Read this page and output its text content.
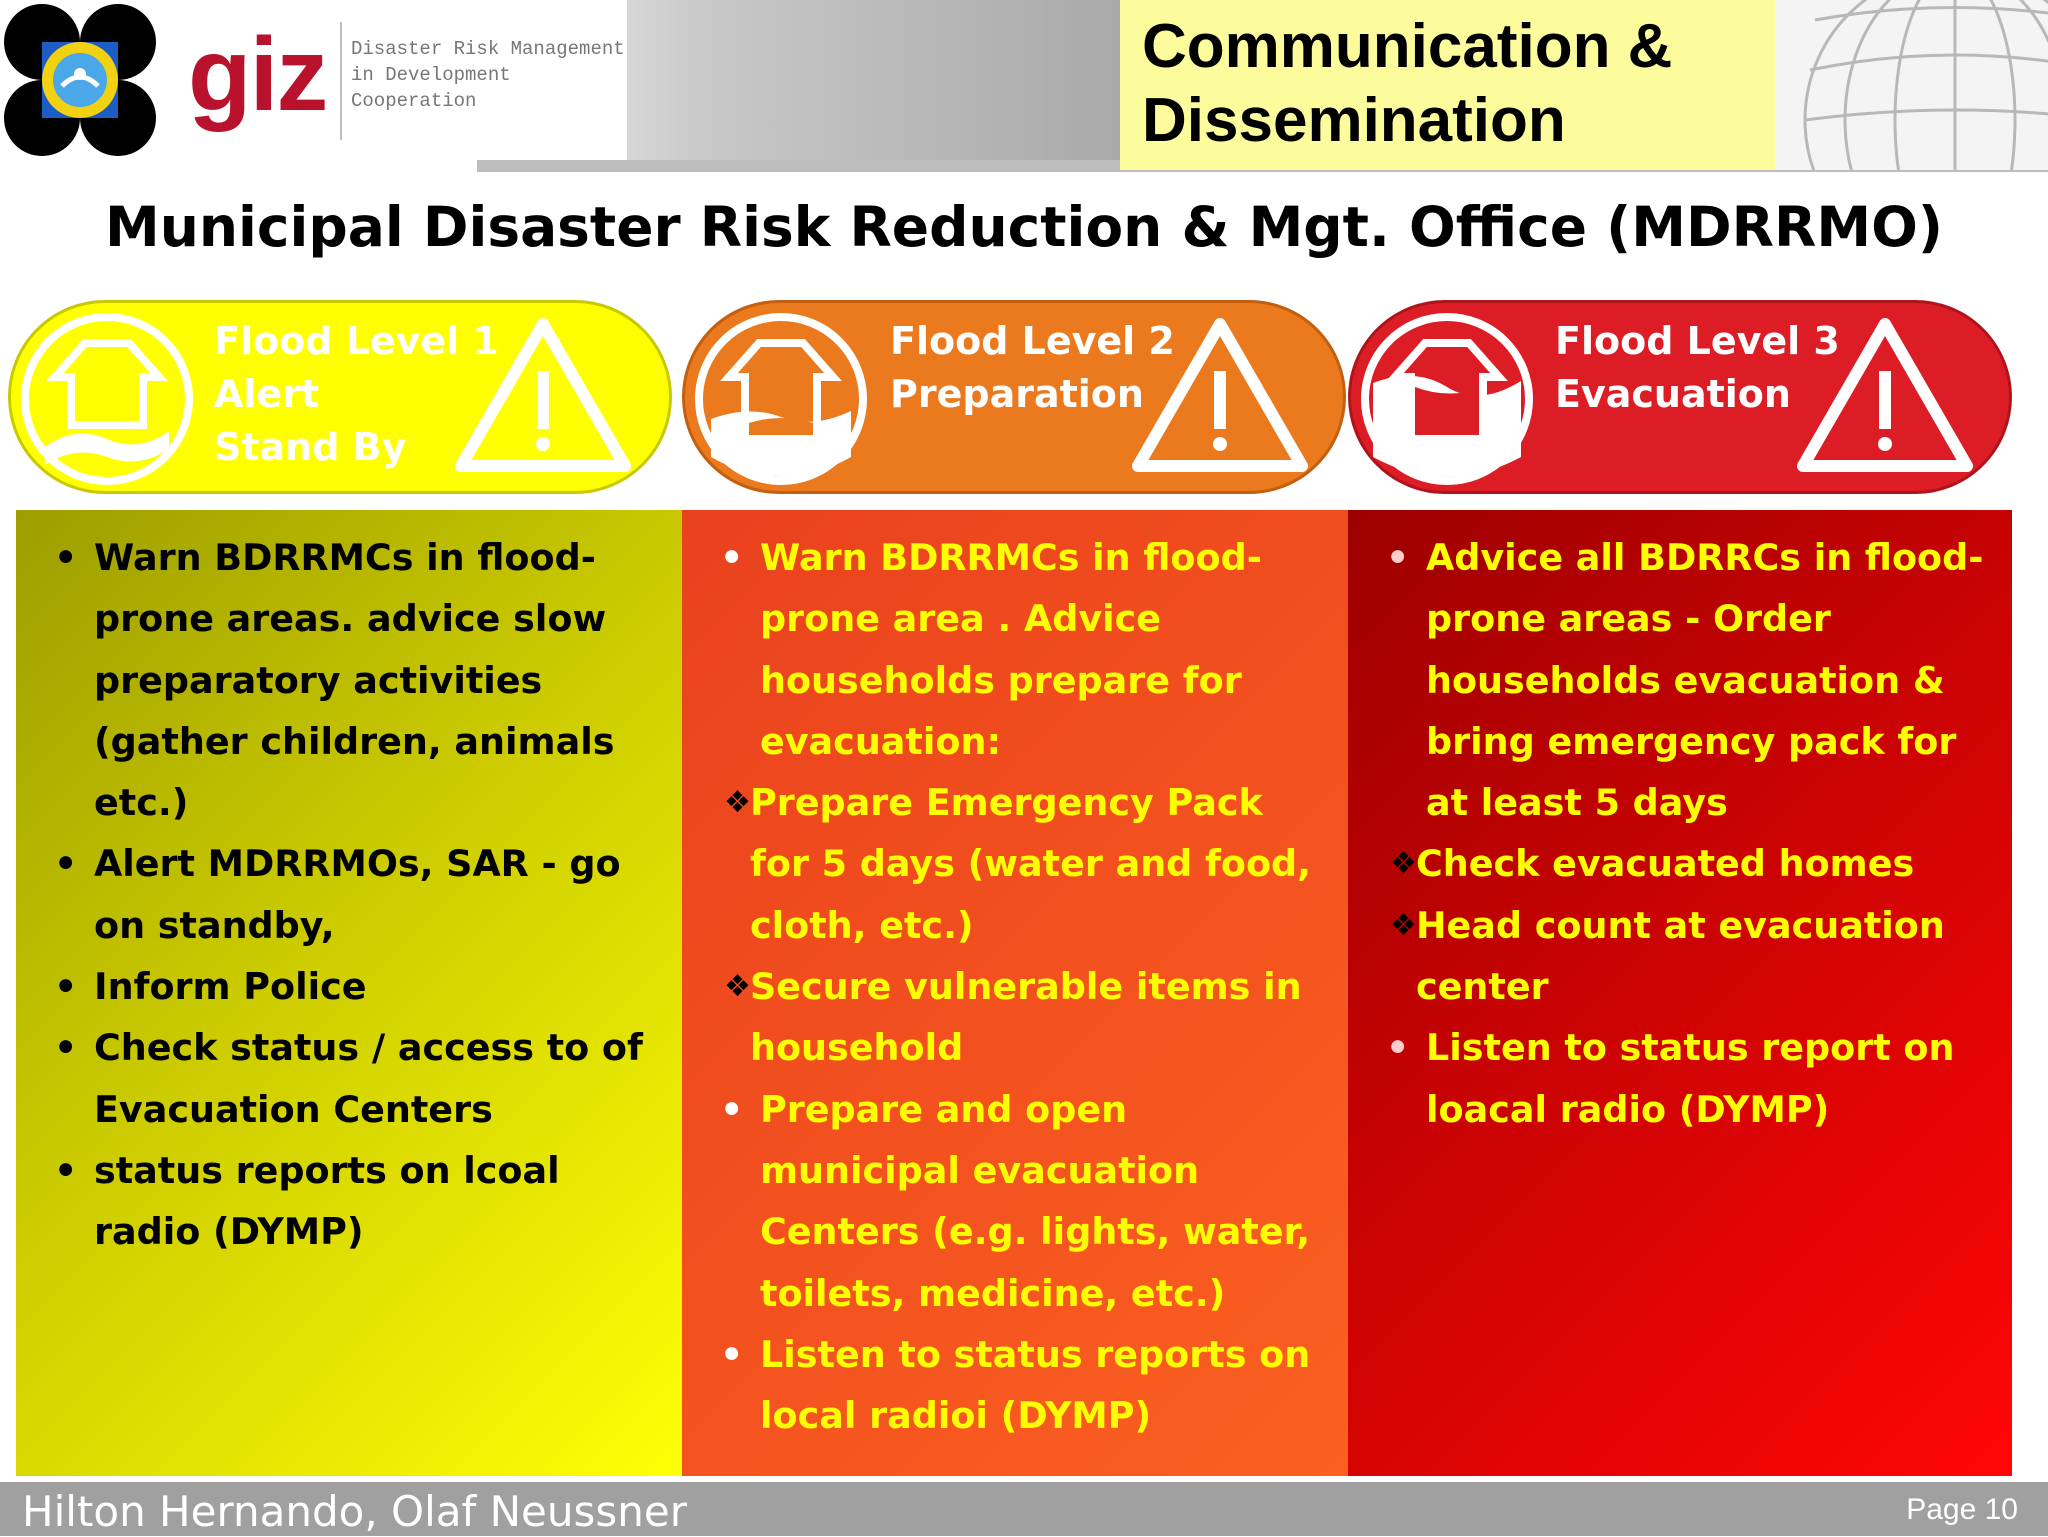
giz Disaster Risk Management
in Development Cooperation
Communication & Dissemination
Municipal Disaster Risk Reduction & Mgt. Office (MDRRMO)
Flood Level 1
Alert
Stand By
Flood Level 2
Preparation
Flood Level 3
Evacuation
• Warn BDRRMCs in flood-prone areas. advice slow preparatory activities (gather children, animals etc.)
• Alert MDRRMOs, SAR - go on standby,
• Inform Police
• Check status / access to of Evacuation Centers
• status reports on lcoal radio (DYMP)
• Warn BDRRMCs in flood-prone area . Advice households prepare for evacuation:
❖ Prepare Emergency Pack for 5 days (water and food, cloth, etc.)
❖ Secure vulnerable items in household
• Prepare and open municipal evacuation Centers (e.g. lights, water, toilets, medicine, etc.)
• Listen to status reports on local radioi (DYMP)
• Advice all BDRRCs in flood-prone areas - Order households evacuation & bring emergency pack for at least 5 days
❖ Check evacuated homes
❖ Head count at evacuation center
• Listen to status report on loacal radio (DYMP)
Hilton Hernando, Olaf Neussner	Page 10
